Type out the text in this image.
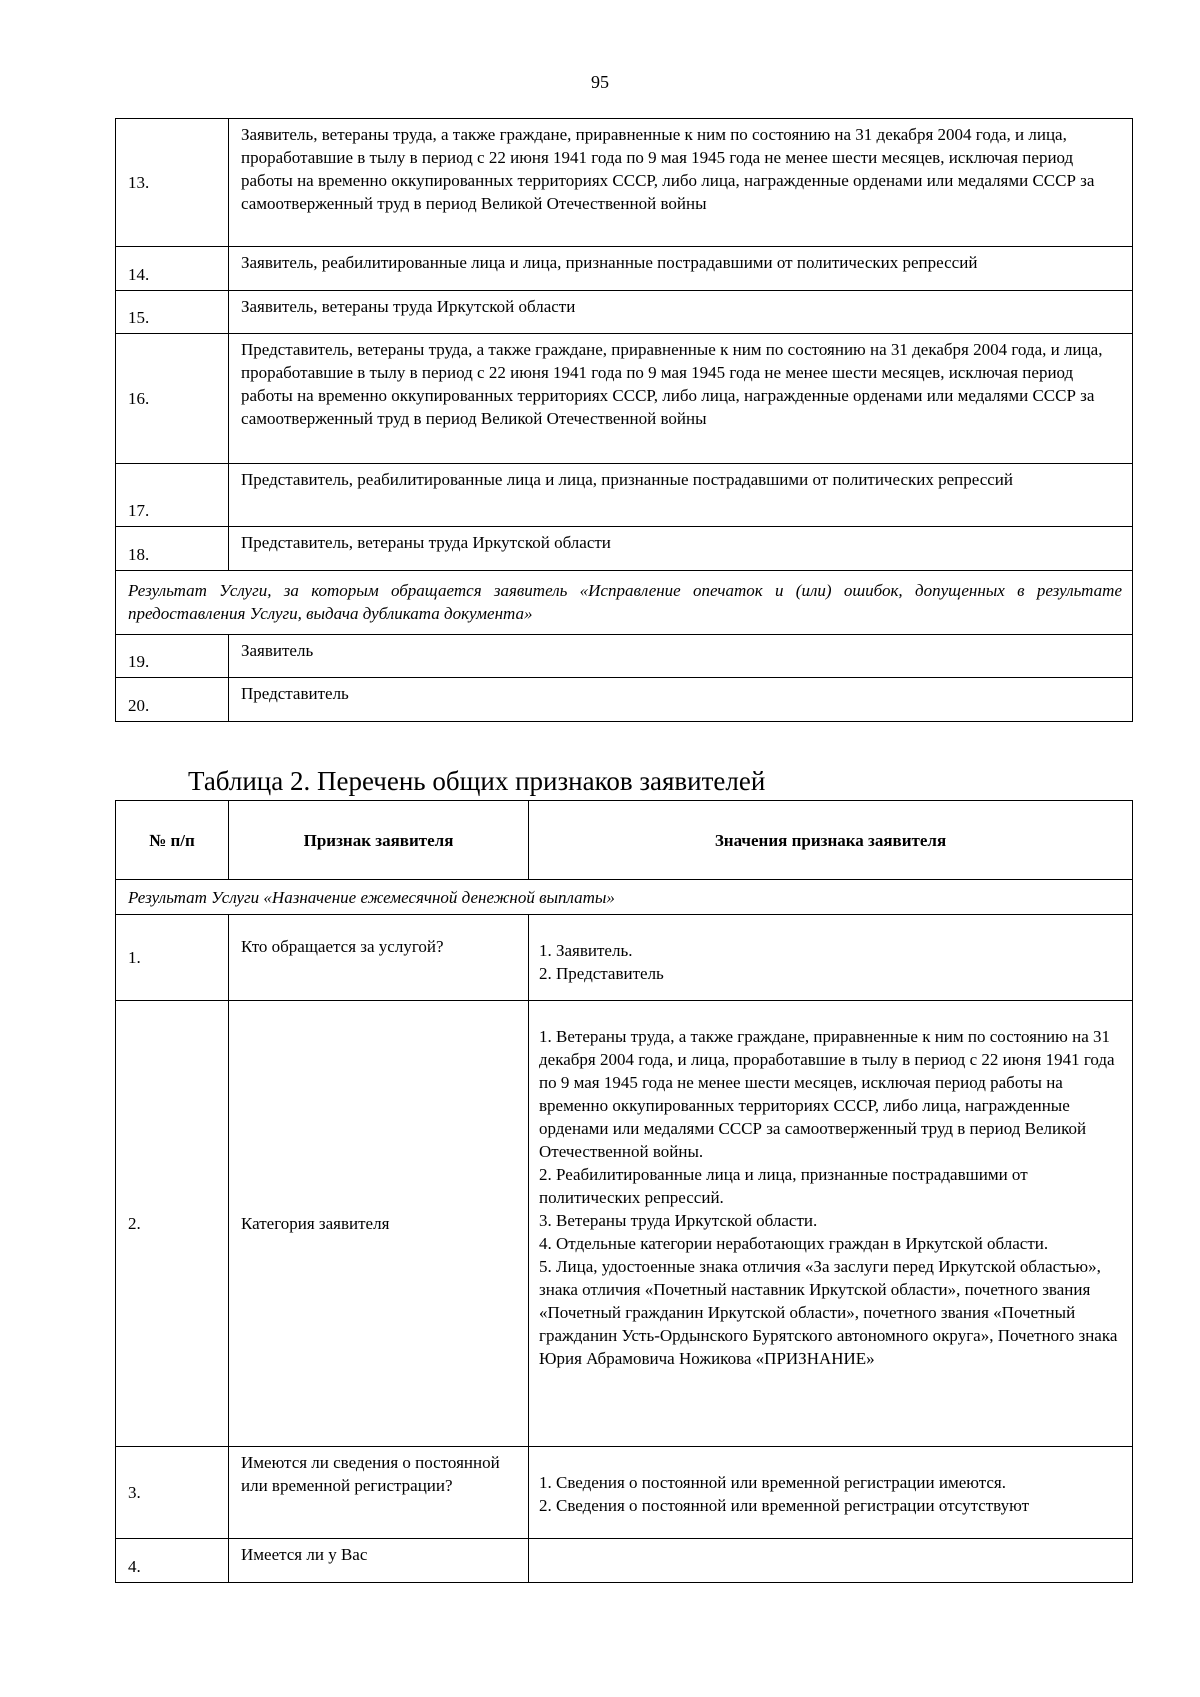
95
13.	Заявитель, ветераны труда, а также граждане, приравненные к ним по состоянию на 31 декабря 2004 года, и лица, проработавшие в тылу в период с 22 июня 1941 года по 9 мая 1945 года не менее шести месяцев, исключая период работы на временно оккупированных территориях СССР, либо лица, награжденные орденами или медалями СССР за самоотверженный труд в период Великой Отечественной войны
14.	Заявитель, реабилитированные лица и лица, признанные пострадавшими от политических репрессий
15.	Заявитель, ветераны труда Иркутской области
16.	Представитель, ветераны труда, а также граждане, приравненные к ним по состоянию на 31 декабря 2004 года, и лица, проработавшие в тылу в период с 22 июня 1941 года по 9 мая 1945 года не менее шести месяцев, исключая период работы на временно оккупированных территориях СССР, либо лица, награжденные орденами или медалями СССР за самоотверженный труд в период Великой Отечественной войны
17.	Представитель, реабилитированные лица и лица, признанные пострадавшими от политических репрессий
18.	Представитель, ветераны труда Иркутской области
Результат Услуги, за которым обращается заявитель «Исправление опечаток и (или) ошибок, допущенных в результате предоставления Услуги, выдача дубликата документа»	
19.	Заявитель
20.	Представитель
Таблица 2. Перечень общих признаков заявителей
№ п/п	Признак заявителя	Значения признака заявителя
Результат Услуги «Назначение ежемесячной денежной выплаты»		
1.	Кто обращается за услугой?	1. Заявитель.
2. Представитель

2.	Категория заявителя	1. Ветераны труда, а также граждане, приравненные к ним по состоянию на 31 декабря 2004 года, и лица, проработавшие в тылу в период с 22 июня 1941 года по 9 мая 1945 года не менее шести месяцев, исключая период работы на временно оккупированных территориях СССР, либо лица, награжденные орденами или медалями СССР за самоотверженный труд в период Великой Отечественной войны.
2. Реабилитированные лица и лица, признанные пострадавшими от политических репрессий.
3. Ветераны труда Иркутской области.
4. Отдельные категории неработающих граждан в Иркутской области.
5. Лица, удостоенные знака отличия «За заслуги перед Иркутской областью», знака отличия «Почетный наставник Иркутской области», почетного звания «Почетный гражданин Иркутской области», почетного звания «Почетный гражданин Усть-Ордынского Бурятского автономного округа», Почетного знака Юрия Абрамовича Ножикова «ПРИЗНАНИЕ»

3.	Имеются ли сведения о постоянной или временной регистрации?	1. Сведения о постоянной или временной регистрации имеются.
2. Сведения о постоянной или временной регистрации отсутствуют

4.	Имеется ли у Вас	
